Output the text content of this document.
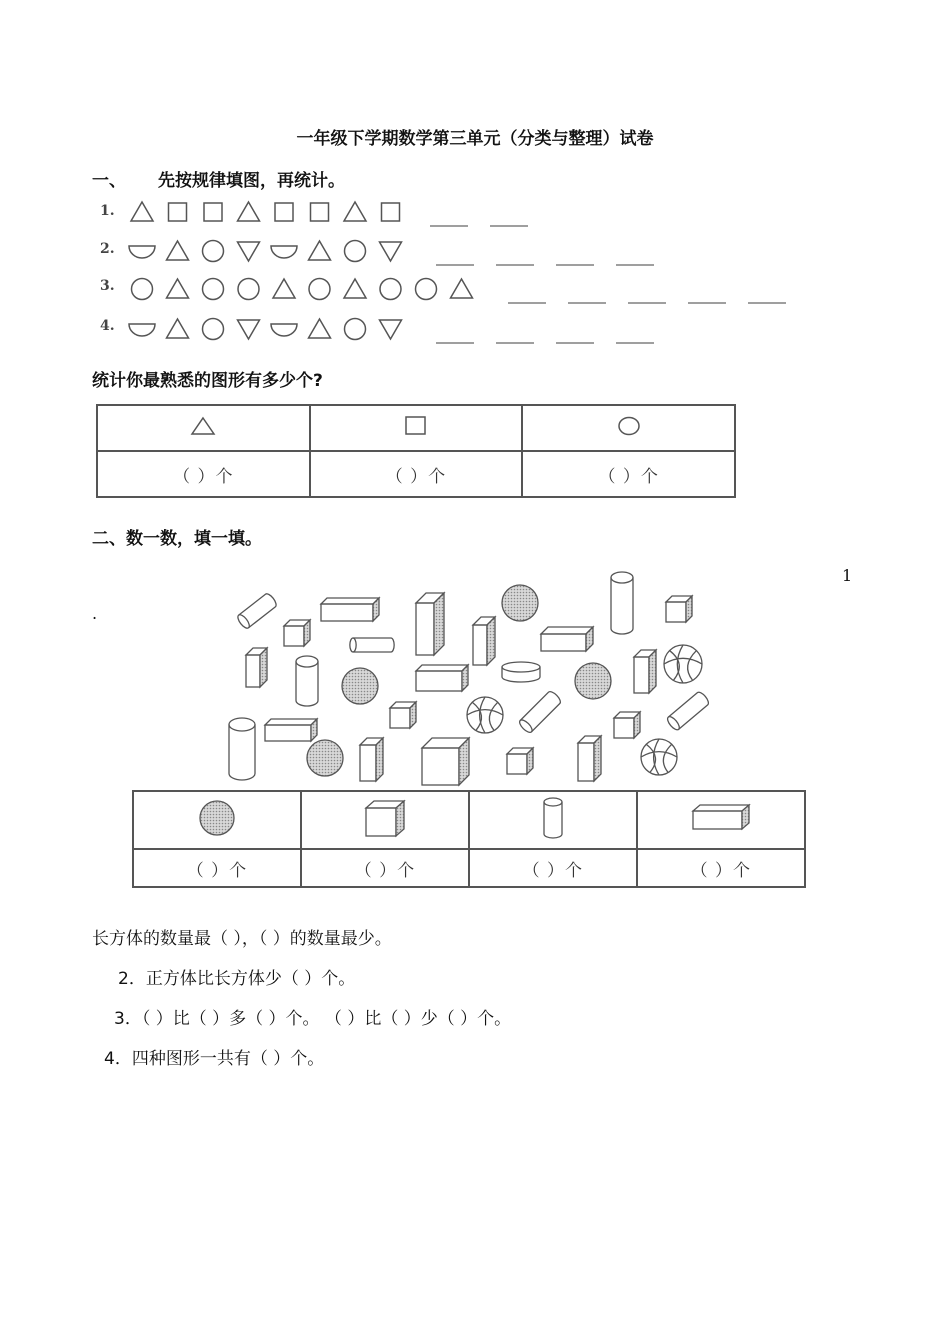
一年级下学期数学第三单元（分类与整理）试卷
一、 先按规律填图，再统计。
1.
2.
3.
4.
统计你最熟悉的图形有多少个?

（ ）个	（ ）个	（ ）个
二、数一数，填一填。
1
.

（ ）个	（ ）个	（ ）个	（ ）个
长方体的数量最（ ），（ ）的数量最少。
2．正方体比长方体少（ ）个。
3．（ ）比（ ）多（ ）个。 （ ）比（ ）少（ ）个。
4．四种图形一共有（ ）个。
